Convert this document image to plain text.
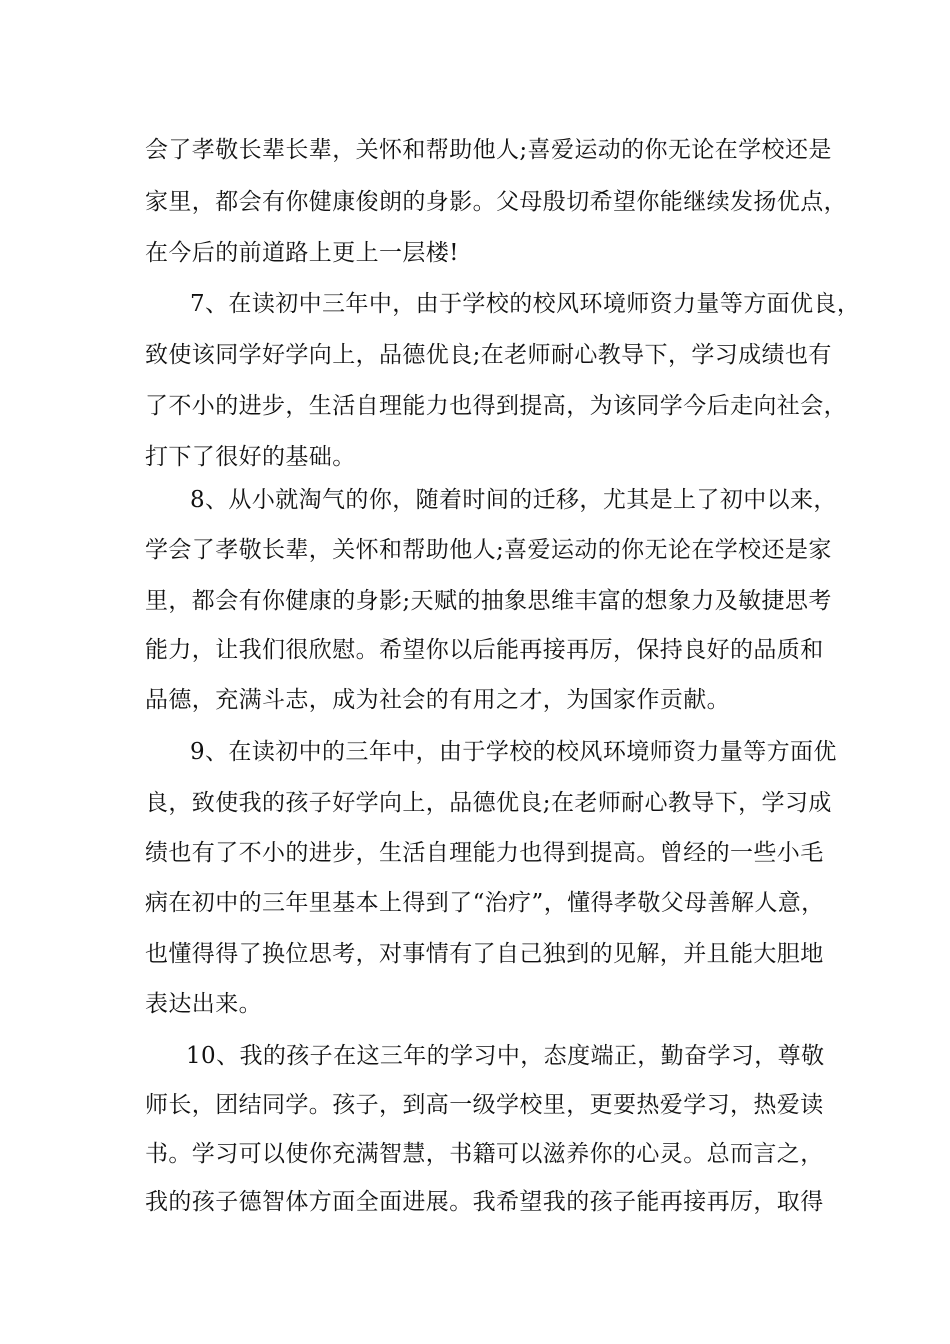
会了孝敬长辈长辈，关怀和帮助他人;喜爱运动的你无论在学校还是
家里，都会有你健康俊朗的身影。父母殷切希望你能继续发扬优点，
在今后的前道路上更上一层楼!
7、在读初中三年中，由于学校的校风环境师资力量等方面优良，
致使该同学好学向上，品德优良;在老师耐心教导下，学习成绩也有
了不小的进步，生活自理能力也得到提高，为该同学今后走向社会，
打下了很好的基础。
8、从小就淘气的你，随着时间的迁移，尤其是上了初中以来，
学会了孝敬长辈，关怀和帮助他人;喜爱运动的你无论在学校还是家
里，都会有你健康的身影;天赋的抽象思维丰富的想象力及敏捷思考
能力，让我们很欣慰。希望你以后能再接再厉，保持良好的品质和
品德，充满斗志，成为社会的有用之才，为国家作贡献。
9、在读初中的三年中，由于学校的校风环境师资力量等方面优
良，致使我的孩子好学向上，品德优良;在老师耐心教导下，学习成
绩也有了不小的进步，生活自理能力也得到提高。曾经的一些小毛
病在初中的三年里基本上得到了“治疗”，懂得孝敬父母善解人意，
也懂得得了换位思考，对事情有了自己独到的见解，并且能大胆地
表达出来。
10、我的孩子在这三年的学习中，态度端正，勤奋学习，尊敬
师长，团结同学。孩子，到高一级学校里，更要热爱学习，热爱读
书。学习可以使你充满智慧，书籍可以滋养你的心灵。总而言之，
我的孩子德智体方面全面进展。我希望我的孩子能再接再厉，取得
